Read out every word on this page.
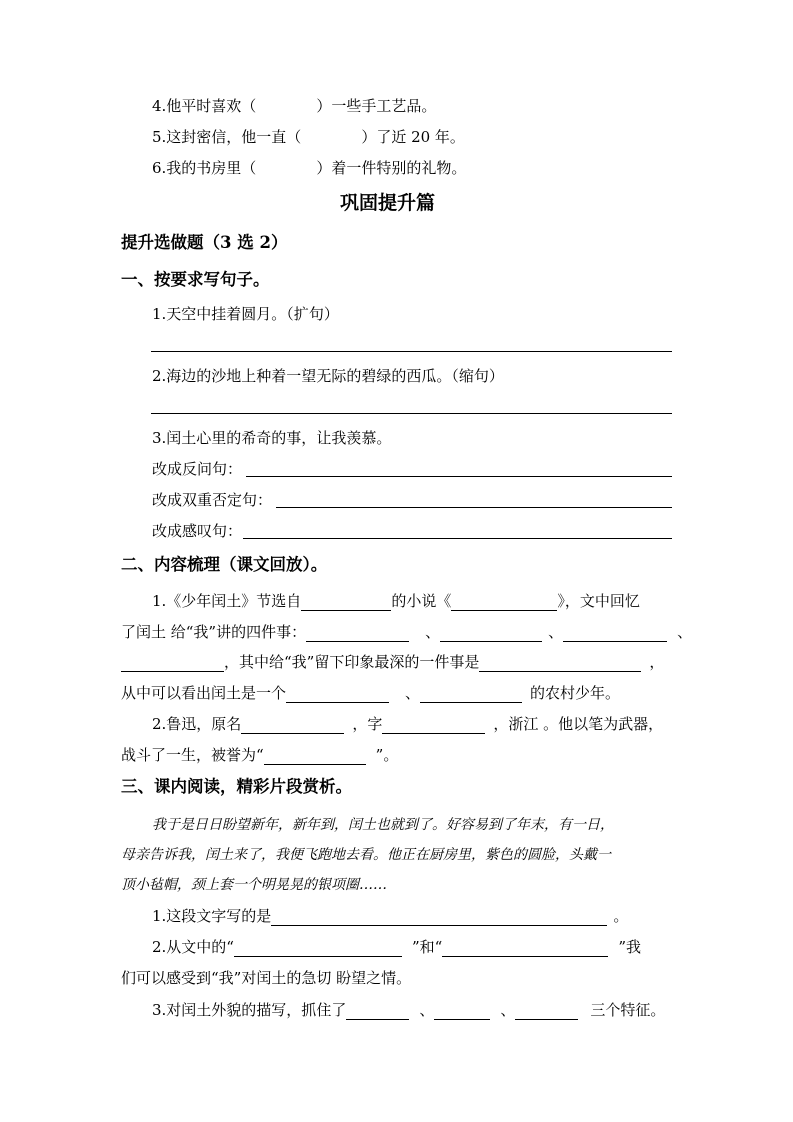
4.他平时喜欢（　　　　）一些手工艺品。
5.这封密信，他一直（　　　　）了近 20 年。
6.我的书房里（　　　　）着一件特别的礼物。
巩固提升篇
提升选做题（3 选 2）
一、按要求写句子。
1.天空中挂着圆月。（扩句）
2.海边的沙地上种着一望无际的碧绿的西瓜。（缩句）
3.闰土心里的希奇的事，让我羡慕。
改成反问句：
改成双重否定句：
改成感叹句：
二、内容梳理（课文回放）。
1.《少年闰土》节选自	的小说《	》，文中回忆
了闰土 给“我”讲的四件事：	、	、	、
，其中给“我”留下印象最深的一件事是	，
从中可以看出闰土是一个	、	的农村少年。
2.鲁迅，原名	，字	，浙江 。他以笔为武器，
战斗了一生，被誉为“	”。
三、课内阅读，精彩片段赏析。
我于是日日盼望新年，新年到，闰土也就到了。好容易到了年末，有一日，
母亲告诉我，闰土来了，我便飞跑地去看。他正在厨房里，紫色的圆脸，头戴一
顶小毡帽，颈上套一个明晃晃的银项圈……
1.这段文字写的是	。
2.从文中的“	”和“	”我
们可以感受到“我”对闰土的急切 盼望之情。
3.对闰土外貌的描写，抓住了	、	、	三个特征。
